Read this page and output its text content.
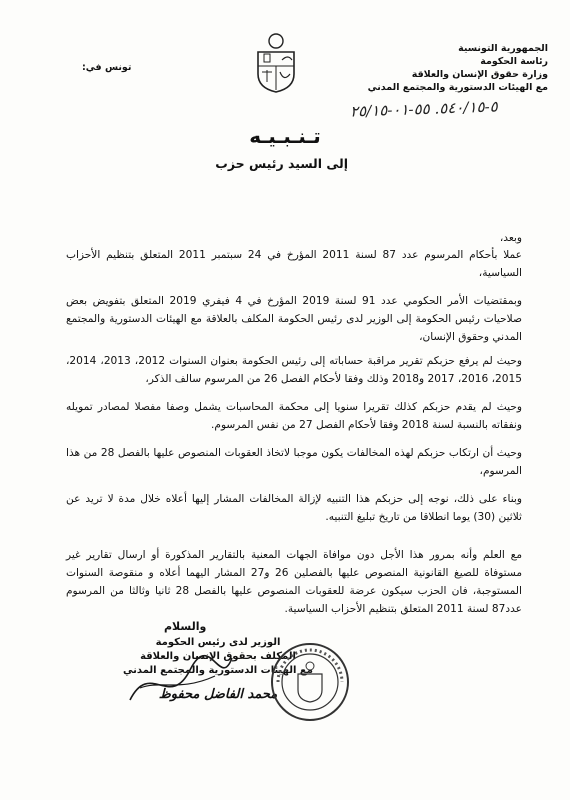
الجمهورية التونسية
رئاسة الحكومة
وزارة حقوق الإنسان والعلاقة
مع الهيئات الدستورية والمجتمع المدني
تونس في:
٥-٥٤٠/١٥. ٥٥-٠١-٢٥/١٥
تـنـبـيـه
إلى السيد رئيس حزب
وبعد،
عملا بأحكام المرسوم عدد 87 لسنة 2011 المؤرخ في 24 سبتمبر 2011 المتعلق بتنظيم الأحزاب السياسية،
وبمقتضيات الأمر الحكومي عدد 91 لسنة 2019 المؤرخ في 4 فيفري 2019 المتعلق بتفويض بعض صلاحيات رئيس الحكومة إلى الوزير لدى رئيس الحكومة المكلف بالعلاقة مع الهيئات الدستورية والمجتمع المدني وحقوق الإنسان،
وحيث لم يرفع حزبكم تقرير مراقبة حساباته إلى رئيس الحكومة بعنوان السنوات 2012، 2013، 2014، 2015، 2016، 2017 و2018 وذلك وفقا لأحكام الفصل 26 من المرسوم سالف الذكر،
وحيث لم يقدم حزبكم كذلك تقريرا سنويا إلى محكمة المحاسبات يشمل وصفا مفصلا لمصادر تمويله ونفقاته بالنسبة لسنة 2018 وفقا لأحكام الفصل 27 من نفس المرسوم.
وحيث أن ارتكاب حزبكم لهذه المخالفات يكون موجبا لاتخاذ العقوبات المنصوص عليها بالفصل 28 من هذا المرسوم،
وبناء على ذلك، نوجه إلى حزبكم هذا التنبيه لإزالة المخالفات المشار إليها أعلاه خلال مدة لا تريد عن ثلاثين (30) يوما انطلاقا من تاريخ تبليغ التنبيه.
مع العلم وأنه بمرور هذا الأجل دون موافاة الجهات المعنية بالتقارير المذكورة أو ارسال تقارير غير مستوفاة للصيغ القانونية المنصوص عليها بالفصلين 26 و27 المشار اليهما أعلاه و منقوصة السنوات المستوجبة، فان الحزب سيكون عرضة للعقوبات المنصوص عليها بالفصل 28 ثانيا وثالثا من المرسوم عدد87 لسنة 2011 المتعلق بتنظيم الأحزاب السياسية.
والسلام
الوزير لدى رئيس الحكومة
المكلف بحقوق الإنسان والعلاقة
مع الهيئات الدستورية والمجتمع المدني
محمد الفاضل محفوظ
